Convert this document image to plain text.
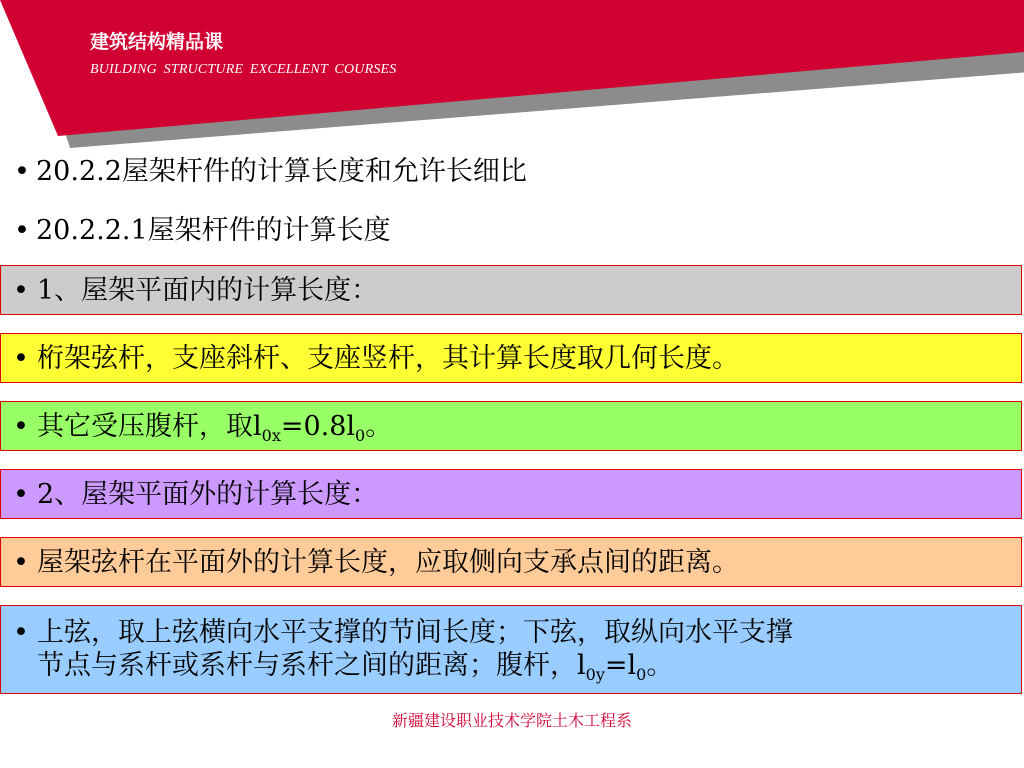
建筑结构精品课
BUILDING STRUCTURE EXCELLENT COURSES
• 20.2.2屋架杆件的计算长度和允许长细比
• 20.2.2.1屋架杆件的计算长度
• 1、屋架平面内的计算长度：
• 桁架弦杆，支座斜杆、支座竖杆，其计算长度取几何长度。
• 其它受压腹杆，取$l_{0x}=0.8l_0$。
• 2、屋架平面外的计算长度：
• 屋架弦杆在平面外的计算长度，应取侧向支承点间的距离。
• 上弦，取上弦横向水平支撑的节间长度；下弦，取纵向水平支撑
节点与系杆或系杆与系杆之间的距离；腹杆，$l_{0y}=l_0$。
新疆建设职业技术学院土木工程系
